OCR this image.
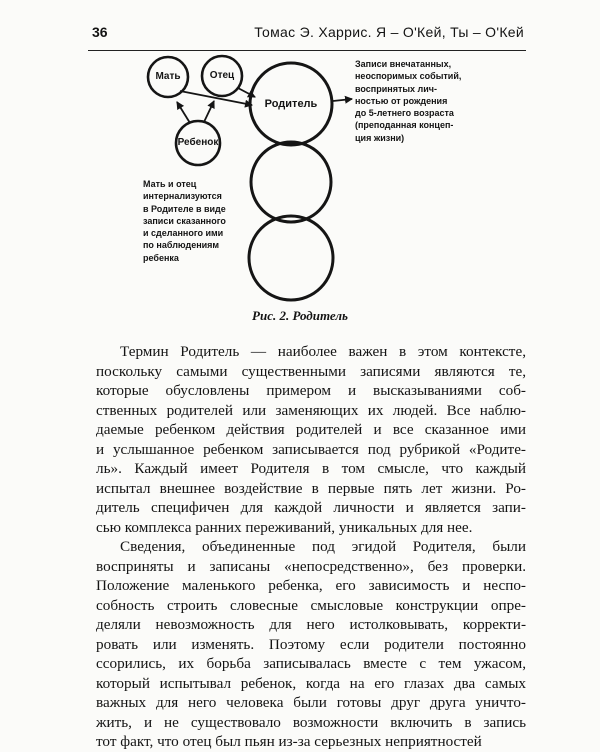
36	Томас Э. Харрис. Я – О'Кей, Ты – О'Кей
Мать	Отец
Ребенок
Родитель
Записи внечатанных,
неоспоримых событий,
воспринятых лич-
ностью от рождения
до 5-летнего возраста
(преподанная концеп-
ция жизни)
Мать и отец
интернализуются
в Родителе в виде
записи сказанного
и сделанного ими
по наблюдениям
ребенка
Рис. 2. Родитель
Термин Родитель — наиболее важен в этом контексте,
поскольку самыми существенными записями являются те,
которые обусловлены примером и высказываниями соб-
ственных родителей или заменяющих их людей. Все наблю-
даемые ребенком действия родителей и все сказанное ими
и услышанное ребенком записывается под рубрикой «Родите-
ль». Каждый имеет Родителя в том смысле, что каждый
испытал внешнее воздействие в первые пять лет жизни. Ро-
дитель специфичен для каждой личности и является запи-
сью комплекса ранних переживаний, уникальных для нее.
Сведения, объединенные под эгидой Родителя, были
восприняты и записаны «непосредственно», без проверки.
Положение маленького ребенка, его зависимость и неспо-
собность строить словесные смысловые конструкции опре-
деляли невозможность для него истолковывать, корректи-
ровать или изменять. Поэтому если родители постоянно
ссорились, их борьба записывалась вместе с тем ужасом,
который испытывал ребенок, когда на его глазах два самых
важных для него человека были готовы друг друга уничто-
жить, и не существовало возможности включить в запись
тот факт, что отец был пьян из-за серьезных неприятностей
